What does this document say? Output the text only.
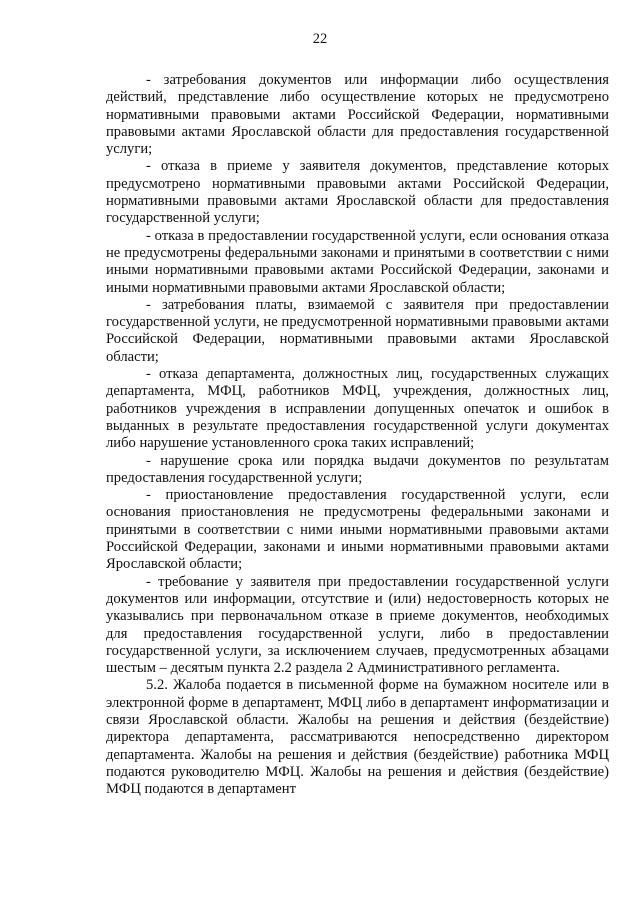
22

- затребования документов или информации либо осуществления действий, представление либо осуществление которых не предусмотрено нормативными правовыми актами Российской Федерации, нормативными правовыми актами Ярославской области для предоставления государственной услуги;

- отказа в приеме у заявителя документов, представление которых предусмотрено нормативными правовыми актами Российской Федерации, нормативными правовыми актами Ярославской области для предоставления государственной услуги;

- отказа в предоставлении государственной услуги, если основания отказа не предусмотрены федеральными законами и принятыми в соответствии с ними иными нормативными правовыми актами Российской Федерации, законами и иными нормативными правовыми актами Ярославской области;

- затребования платы, взимаемой с заявителя при предоставлении государственной услуги, не предусмотренной нормативными правовыми актами Российской Федерации, нормативными правовыми актами Ярославской области;

- отказа департамента, должностных лиц, государственных служащих департамента, МФЦ, работников МФЦ, учреждения, должностных лиц, работников учреждения в исправлении допущенных опечаток и ошибок в выданных в результате предоставления государственной услуги документах либо нарушение установленного срока таких исправлений;

- нарушение срока или порядка выдачи документов по результатам предоставления государственной услуги;

- приостановление предоставления государственной услуги, если основания приостановления не предусмотрены федеральными законами и принятыми в соответствии с ними иными нормативными правовыми актами Российской Федерации, законами и иными нормативными правовыми актами Ярославской области;

- требование у заявителя при предоставлении государственной услуги документов или информации, отсутствие и (или) недостоверность которых не указывались при первоначальном отказе в приеме документов, необходимых для предоставления государственной услуги, либо в предоставлении государственной услуги, за исключением случаев, предусмотренных абзацами шестым – десятым пункта 2.2 раздела 2 Административного регламента.

5.2. Жалоба подается в письменной форме на бумажном носителе или в электронной форме в департамент, МФЦ либо в департамент информатизации и связи Ярославской области. Жалобы на решения и действия (бездействие) директора департамента, рассматриваются непосредственно директором департамента. Жалобы на решения и действия (бездействие) работника МФЦ подаются руководителю МФЦ. Жалобы на решения и действия (бездействие) МФЦ подаются в департамент
